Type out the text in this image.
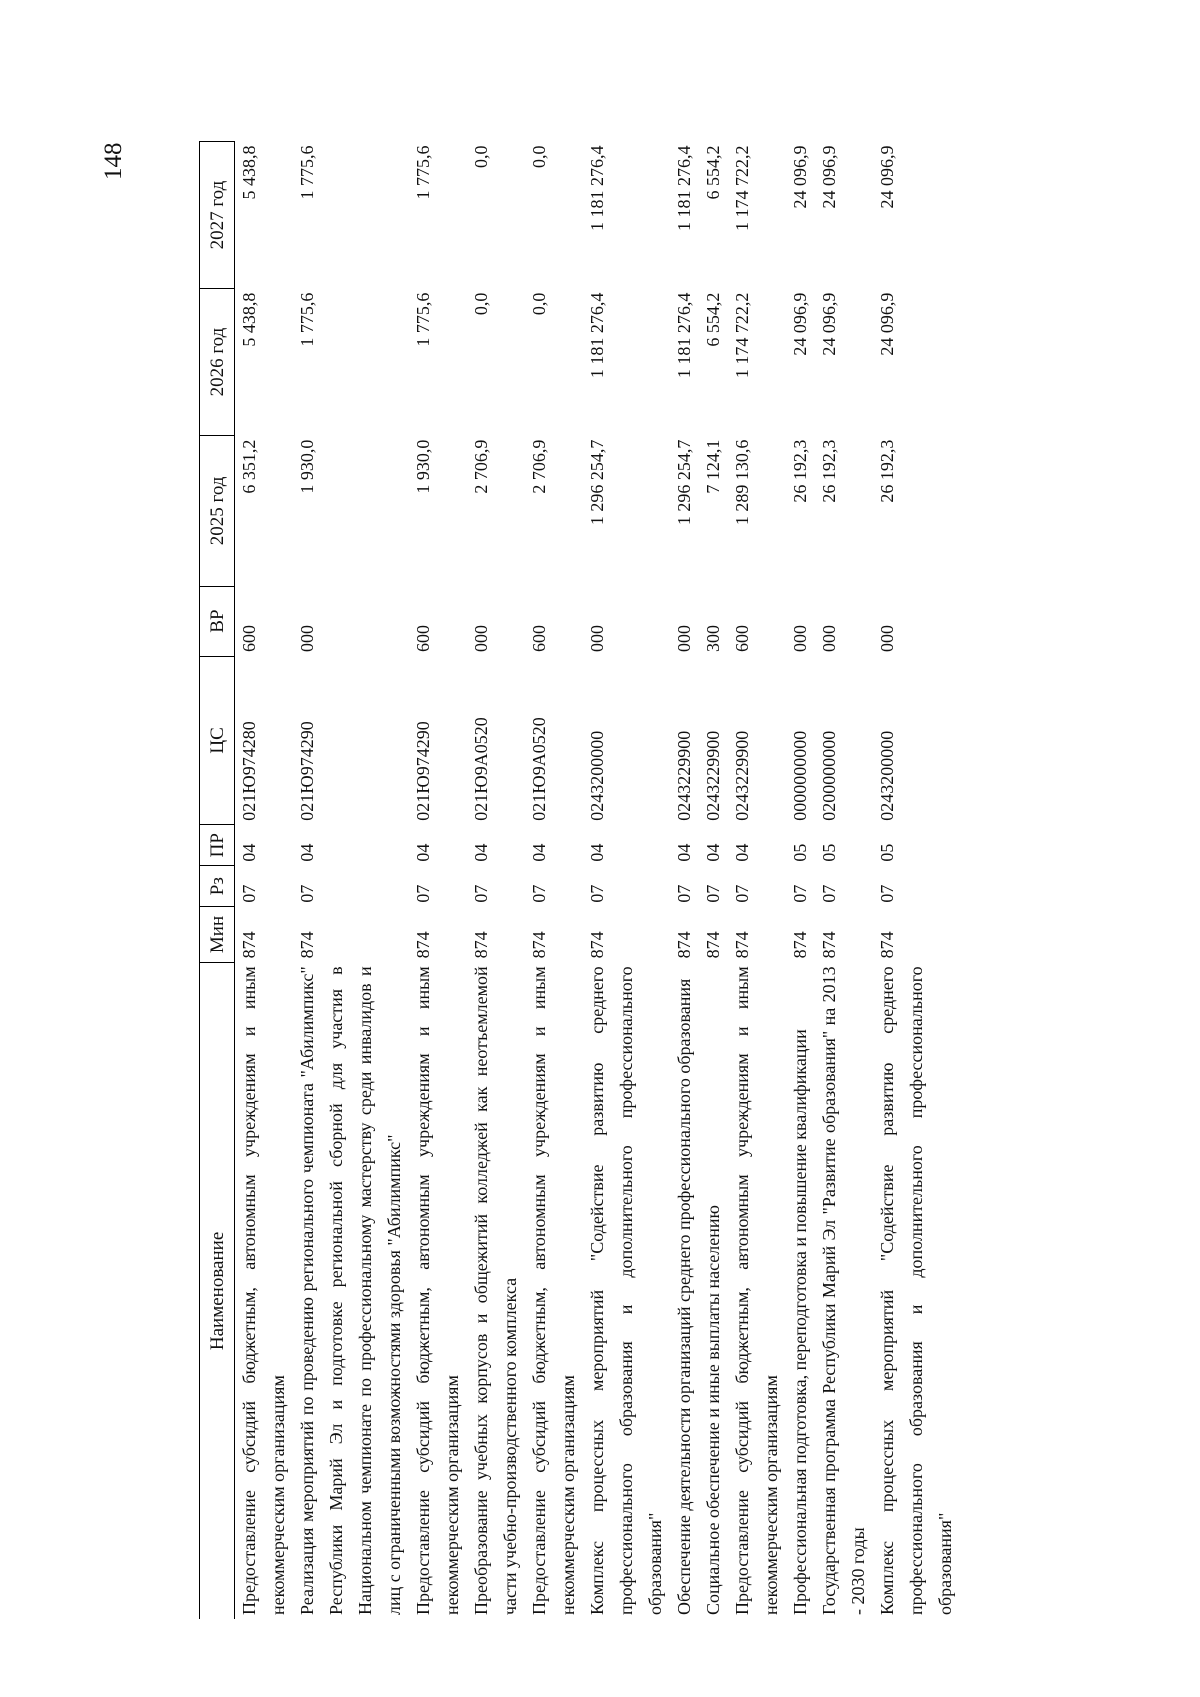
148
Наименование	Мин	Рз	ПР	ЦС	ВР	2025 год	2026 год	2027 год
Предоставление субсидий бюджетным, автономным учреждениям и иным некоммерческим организациям	874	07	04	021Ю974280	600	6 351,2	5 438,8	5 438,8
Реализация мероприятий по проведению регионального чемпионата "Абилимпикс" Республики Марий Эл и подготовке региональной сборной для участия в Национальном чемпионате по профессиональному мастерству среди инвалидов и лиц с ограниченными возможностями здоровья "Абилимпикс"	874	07	04	021Ю974290	000	1 930,0	1 775,6	1 775,6
Предоставление субсидий бюджетным, автономным учреждениям и иным некоммерческим организациям	874	07	04	021Ю974290	600	1 930,0	1 775,6	1 775,6
Преобразование учебных корпусов и общежитий колледжей как неотъемлемой части учебно-производственного комплекса	874	07	04	021Ю9А0520	000	2 706,9	0,0	0,0
Предоставление субсидий бюджетным, автономным учреждениям и иным некоммерческим организациям	874	07	04	021Ю9А0520	600	2 706,9	0,0	0,0
Комплекс процессных мероприятий "Содействие развитию среднего профессионального образования и дополнительного профессионального образования"	874	07	04	0243200000	000	1 296 254,7	1 181 276,4	1 181 276,4
Обеспечение деятельности организаций среднего профессионального образования	874	07	04	0243229900	000	1 296 254,7	1 181 276,4	1 181 276,4
Социальное обеспечение и иные выплаты населению	874	07	04	0243229900	300	7 124,1	6 554,2	6 554,2
Предоставление субсидий бюджетным, автономным учреждениям и иным некоммерческим организациям	874	07	04	0243229900	600	1 289 130,6	1 174 722,2	1 174 722,2
Профессиональная подготовка, переподготовка и повышение квалификации	874	07	05	0000000000	000	26 192,3	24 096,9	24 096,9
Государственная программа Республики Марий Эл "Развитие образования" на 2013 - 2030 годы	874	07	05	0200000000	000	26 192,3	24 096,9	24 096,9
Комплекс процессных мероприятий "Содействие развитию среднего профессионального образования и дополнительного профессионального образования"	874	07	05	0243200000	000	26 192,3	24 096,9	24 096,9
